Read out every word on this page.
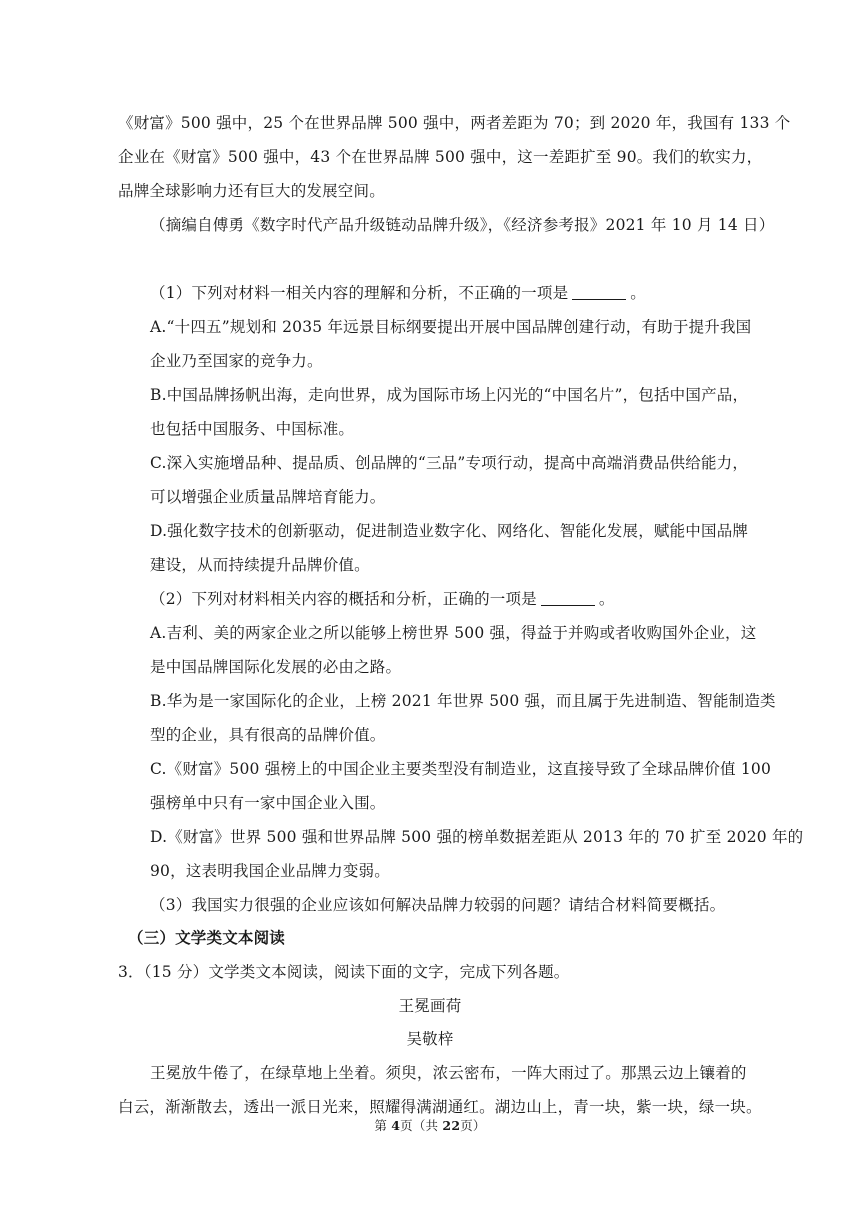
《财富》500 强中，25 个在世界品牌 500 强中，两者差距为 70；到 2020 年，我国有 133 个
企业在《财富》500 强中，43 个在世界品牌 500 强中，这一差距扩至 90。我们的软实力，
品牌全球影响力还有巨大的发展空间。
（摘编自傅勇《数字时代产品升级链动品牌升级》，《经济参考报》2021 年 10 月 14 日）
（1）下列对材料一相关内容的理解和分析，不正确的一项是	。
A.“十四五”规划和 2035 年远景目标纲要提出开展中国品牌创建行动，有助于提升我国
企业乃至国家的竞争力。
B.中国品牌扬帆出海，走向世界，成为国际市场上闪光的“中国名片”，包括中国产品，
也包括中国服务、中国标准。
C.深入实施增品种、提品质、创品牌的“三品”专项行动，提高中高端消费品供给能力，
可以增强企业质量品牌培育能力。
D.强化数字技术的创新驱动，促进制造业数字化、网络化、智能化发展，赋能中国品牌
建设，从而持续提升品牌价值。
（2）下列对材料相关内容的概括和分析，正确的一项是	。
A.吉利、美的两家企业之所以能够上榜世界 500 强，得益于并购或者收购国外企业，这
是中国品牌国际化发展的必由之路。
B.华为是一家国际化的企业，上榜 2021 年世界 500 强，而且属于先进制造、智能制造类
型的企业，具有很高的品牌价值。
C.《财富》500 强榜上的中国企业主要类型没有制造业，这直接导致了全球品牌价值 100
强榜单中只有一家中国企业入围。
D.《财富》世界 500 强和世界品牌 500 强的榜单数据差距从 2013 年的 70 扩至 2020 年的
90，这表明我国企业品牌力变弱。
（3）我国实力很强的企业应该如何解决品牌力较弱的问题？请结合材料简要概括。
（三）文学类文本阅读
3．（15 分）文学类文本阅读，阅读下面的文字，完成下列各题。
王冕画荷
吴敬梓
王冕放牛倦了，在绿草地上坐着。须臾，浓云密布，一阵大雨过了。那黑云边上镶着的
白云，渐渐散去，透出一派日光来，照耀得满湖通红。湖边山上，青一块，紫一块，绿一块。
第 4页（共 22页）
